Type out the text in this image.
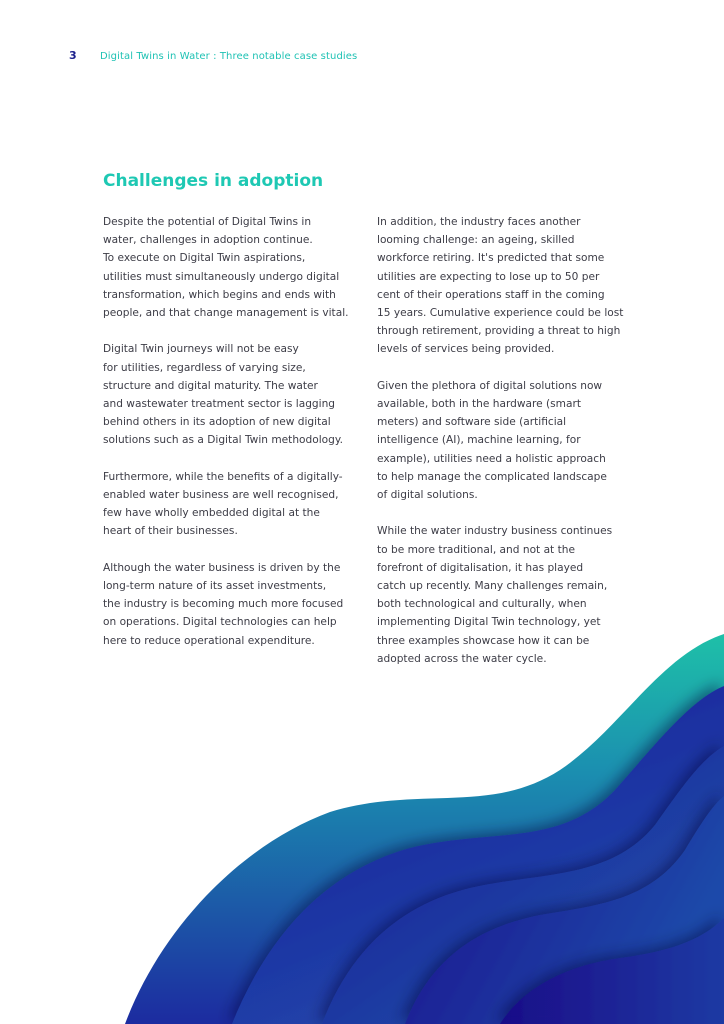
3	Digital Twins in Water : Three notable case studies
Challenges in adoption

Despite the potential of Digital Twins in
water, challenges in adoption continue.
To execute on Digital Twin aspirations,
utilities must simultaneously undergo digital
transformation, which begins and ends with
people, and that change management is vital.

Digital Twin journeys will not be easy
for utilities, regardless of varying size,
structure and digital maturity. The water
and wastewater treatment sector is lagging
behind others in its adoption of new digital
solutions such as a Digital Twin methodology.

Furthermore, while the benefits of a digitally-
enabled water business are well recognised,
few have wholly embedded digital at the
heart of their businesses.

Although the water business is driven by the
long-term nature of its asset investments,
the industry is becoming much more focused
on operations. Digital technologies can help
here to reduce operational expenditure.

In addition, the industry faces another
looming challenge: an ageing, skilled
workforce retiring. It's predicted that some
utilities are expecting to lose up to 50 per
cent of their operations staff in the coming
15 years. Cumulative experience could be lost
through retirement, providing a threat to high
levels of services being provided.

Given the plethora of digital solutions now
available, both in the hardware (smart
meters) and software side (artificial
intelligence (AI), machine learning, for
example), utilities need a holistic approach
to help manage the complicated landscape
of digital solutions.

While the water industry business continues
to be more traditional, and not at the
forefront of digitalisation, it has played
catch up recently. Many challenges remain,
both technological and culturally, when
implementing Digital Twin technology, yet
three examples showcase how it can be
adopted across the water cycle.
